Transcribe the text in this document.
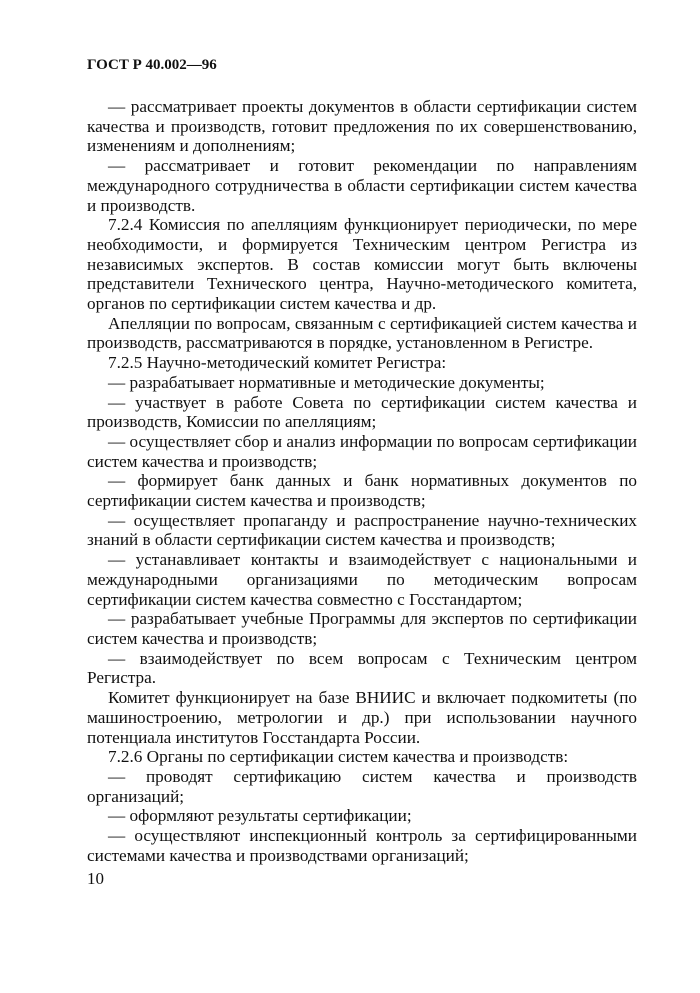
ГОСТ Р 40.002—96

— рассматривает проекты документов в области сертификации систем качества и производств, готовит предложения по их совершенствованию, изменениям и дополнениям;

— рассматривает и готовит рекомендации по направлениям международного сотрудничества в области сертификации систем качества и производств.

7.2.4 Комиссия по апелляциям функционирует периодически, по мере необходимости, и формируется Техническим центром Регистра из независимых экспертов. В состав комиссии могут быть включены представители Технического центра, Научно-методического комитета, органов по сертификации систем качества и др.

Апелляции по вопросам, связанным с сертификацией систем качества и производств, рассматриваются в порядке, установленном в Регистре.

7.2.5 Научно-методический комитет Регистра:

— разрабатывает нормативные и методические документы;

— участвует в работе Совета по сертификации систем качества и производств, Комиссии по апелляциям;

— осуществляет сбор и анализ информации по вопросам сертификации систем качества и производств;

— формирует банк данных и банк нормативных документов по сертификации систем качества и производств;

— осуществляет пропаганду и распространение научно-технических знаний в области сертификации систем качества и производств;

— устанавливает контакты и взаимодействует с национальными и международными организациями по методическим вопросам сертификации систем качества совместно с Госстандартом;

— разрабатывает учебные Программы для экспертов по сертификации систем качества и производств;

— взаимодействует по всем вопросам с Техническим центром Регистра.

Комитет функционирует на базе ВНИИС и включает подкомитеты (по машиностроению, метрологии и др.) при использовании научного потенциала институтов Госстандарта России.

7.2.6 Органы по сертификации систем качества и производств:

— проводят сертификацию систем качества и производств организаций;

— оформляют результаты сертификации;

— осуществляют инспекционный контроль за сертифицированными системами качества и производствами организаций;

10
